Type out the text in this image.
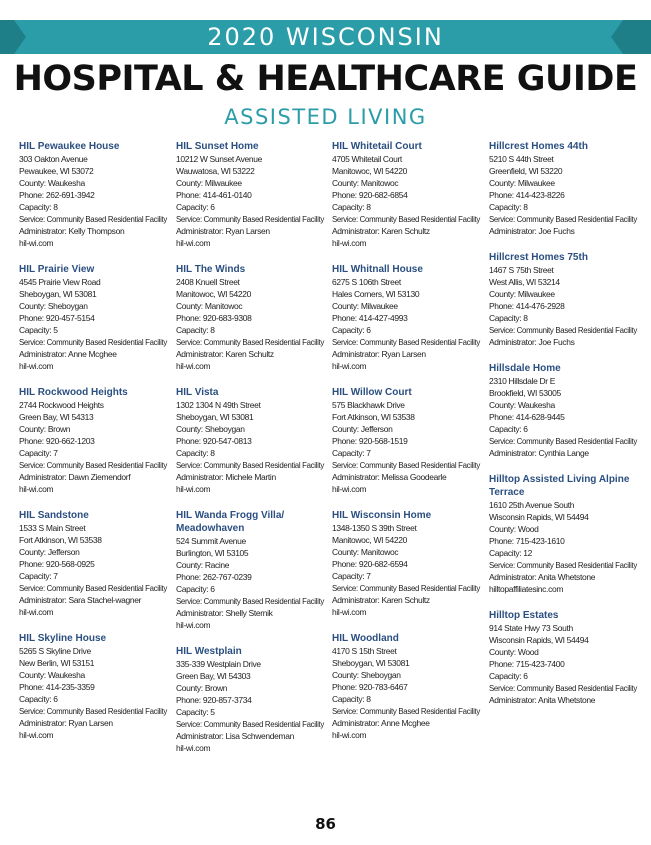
2020 WISCONSIN
HOSPITAL & HEALTHCARE GUIDE
ASSISTED LIVING
HIL Pewaukee House
303 Oakton Avenue
Pewaukee, WI 53072
County: Waukesha
Phone: 262-691-3942
Capacity: 8
Service: Community Based Residential Facility
Administrator: Kelly Thompson
hil-wi.com
HIL Prairie View
4545 Prairie View Road
Sheboygan, WI 53081
County: Sheboygan
Phone: 920-457-5154
Capacity: 5
Service: Community Based Residential Facility
Administrator: Anne Mcghee
hil-wi.com
HIL Rockwood Heights
2744 Rockwood Heights
Green Bay, WI 54313
County: Brown
Phone: 920-662-1203
Capacity: 7
Service: Community Based Residential Facility
Administrator: Dawn Ziemendorf
hil-wi.com
HIL Sandstone
1533 S Main Street
Fort Atkinson, WI 53538
County: Jefferson
Phone: 920-568-0925
Capacity: 7
Service: Community Based Residential Facility
Administrator: Sara Stachel-wagner
hil-wi.com
HIL Skyline House
5265 S Skyline Drive
New Berlin, WI 53151
County: Waukesha
Phone: 414-235-3359
Capacity: 6
Service: Community Based Residential Facility
Administrator: Ryan Larsen
hil-wi.com
HIL Sunset Home
10212 W Sunset Avenue
Wauwatosa, WI 53222
County: Milwaukee
Phone: 414-461-0140
Capacity: 6
Service: Community Based Residential Facility
Administrator: Ryan Larsen
hil-wi.com
HIL The Winds
2408 Knuell Street
Manitowoc, WI 54220
County: Manitowoc
Phone: 920-683-9308
Capacity: 8
Service: Community Based Residential Facility
Administrator: Karen Schultz
hil-wi.com
HIL Vista
1302 1304 N 49th Street
Sheboygan, WI 53081
County: Sheboygan
Phone: 920-547-0813
Capacity: 8
Service: Community Based Residential Facility
Administrator: Michele Martin
hil-wi.com
HIL Wanda Frogg Villa/ Meadowhaven
524 Summit Avenue
Burlington, WI 53105
County: Racine
Phone: 262-767-0239
Capacity: 6
Service: Community Based Residential Facility
Administrator: Shelly Sternik
hil-wi.com
HIL Westplain
335-339 Westplain Drive
Green Bay, WI 54303
County: Brown
Phone: 920-857-3734
Capacity: 5
Service: Community Based Residential Facility
Administrator: Lisa Schwendeman
hil-wi.com
HIL Whitetail Court
4705 Whitetail Court
Manitowoc, WI 54220
County: Manitowoc
Phone: 920-682-6854
Capacity: 8
Service: Community Based Residential Facility
Administrator: Karen Schultz
hil-wi.com
HIL Whitnall House
6275 S 106th Street
Hales Corners, WI 53130
County: Milwaukee
Phone: 414-427-4993
Capacity: 6
Service: Community Based Residential Facility
Administrator: Ryan Larsen
hil-wi.com
HIL Willow Court
575 Blackhawk Drive
Fort Atkinson, WI 53538
County: Jefferson
Phone: 920-568-1519
Capacity: 7
Service: Community Based Residential Facility
Administrator: Melissa Goodearle
hil-wi.com
HIL Wisconsin Home
1348-1350 S 39th Street
Manitowoc, WI 54220
County: Manitowoc
Phone: 920-682-6594
Capacity: 7
Service: Community Based Residential Facility
Administrator: Karen Schultz
hil-wi.com
HIL Woodland
4170 S 15th Street
Sheboygan, WI 53081
County: Sheboygan
Phone: 920-783-6467
Capacity: 8
Service: Community Based Residential Facility
Administrator: Anne Mcghee
hil-wi.com
Hillcrest Homes 44th
5210 S 44th Street
Greenfield, WI 53220
County: Milwaukee
Phone: 414-423-8226
Capacity: 8
Service: Community Based Residential Facility
Administrator: Joe Fuchs
Hillcrest Homes 75th
1467 S 75th Street
West Allis, WI 53214
County: Milwaukee
Phone: 414-476-2928
Capacity: 8
Service: Community Based Residential Facility
Administrator: Joe Fuchs
Hillsdale Home
2310 Hillsdale Dr E
Brookfield, WI 53005
County: Waukesha
Phone: 414-628-9445
Capacity: 6
Service: Community Based Residential Facility
Administrator: Cynthia Lange
Hilltop Assisted Living Alpine Terrace
1610 25th Avenue South
Wisconsin Rapids, WI 54494
County: Wood
Phone: 715-423-1610
Capacity: 12
Service: Community Based Residential Facility
Administrator: Anita Whetstone
hilltopaffiliatesinc.com
Hilltop Estates
914 State Hwy 73 South
Wisconsin Rapids, WI 54494
County: Wood
Phone: 715-423-7400
Capacity: 6
Service: Community Based Residential Facility
Administrator: Anita Whetstone
86
